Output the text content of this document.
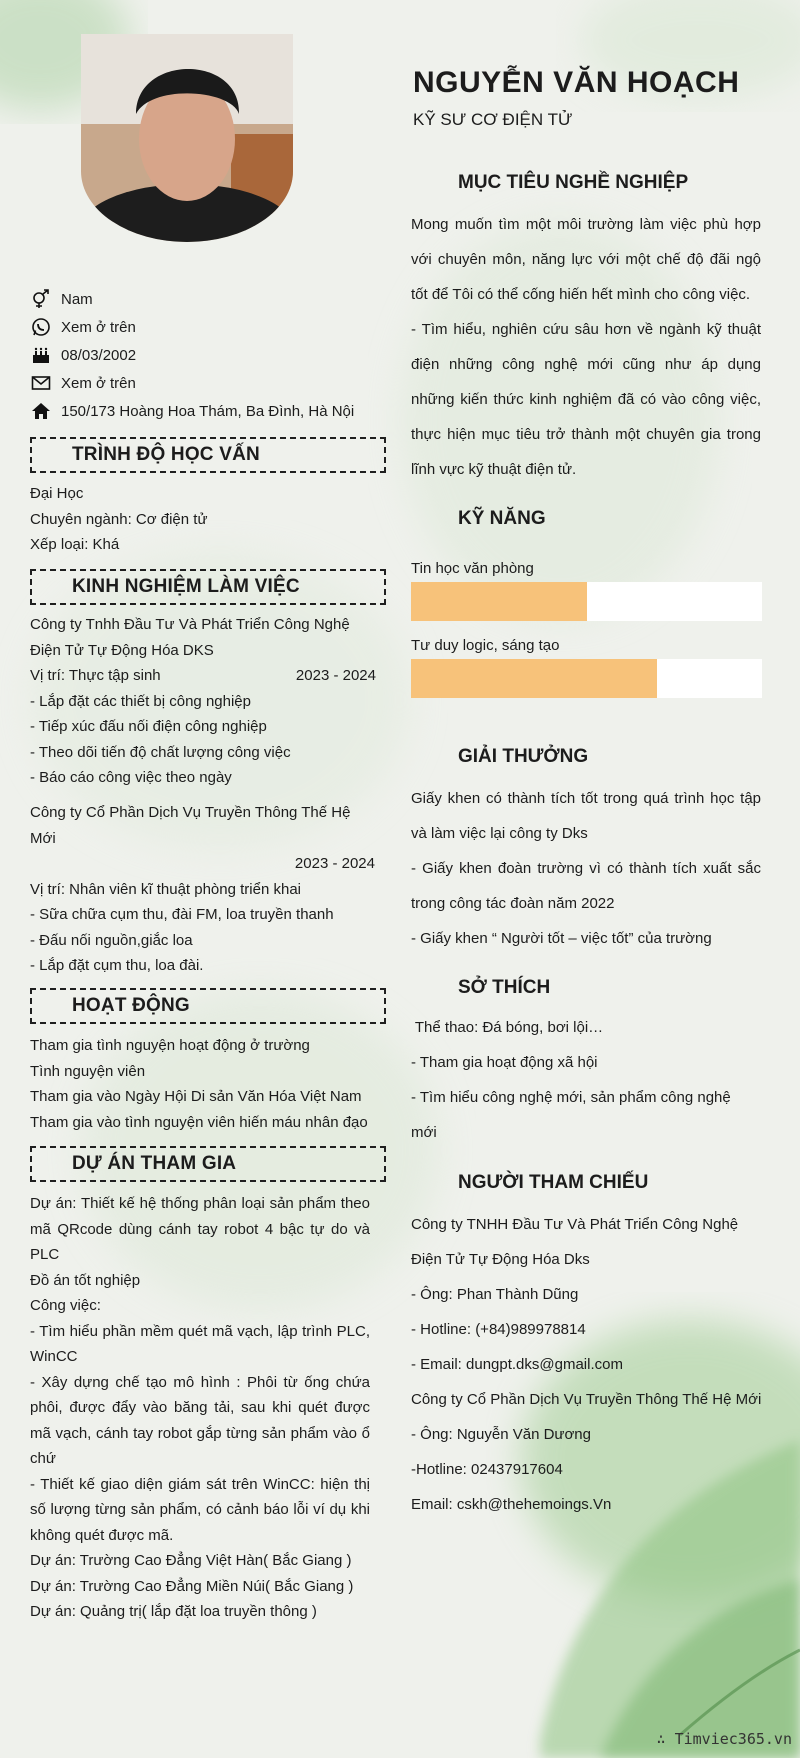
Nam
Xem ở trên
08/03/2002
Xem ở trên
150/173 Hoàng Hoa Thám, Ba Đình, Hà Nội
TRÌNH ĐỘ HỌC VẤN
Đại Học
Chuyên ngành: Cơ điện tử
Xếp loại: Khá
KINH NGHIỆM LÀM VIỆC
Công ty Tnhh Đầu Tư Và Phát Triển Công Nghệ Điện Tử Tự Động Hóa DKS
Vị trí: Thực tập sinh	2023 - 2024
- Lắp đặt các thiết bị công nghiệp
- Tiếp xúc đấu nối điện công nghiệp
- Theo dõi tiến độ chất lượng công việc
- Báo cáo công việc theo ngày
Công ty Cổ Phần Dịch Vụ Truyền Thông Thế Hệ Mới
2023 - 2024
Vị trí: Nhân viên kĩ thuật phòng triển khai
- Sữa chữa cụm thu, đài FM, loa truyền thanh
- Đấu nối nguồn,giắc loa
- Lắp đặt cụm thu, loa đài.
HOẠT ĐỘNG
Tham gia tình nguyện hoạt động ở trường
Tình nguyện viên
Tham gia vào Ngày Hội Di sản Văn Hóa Việt Nam
Tham gia vào tình nguyện viên hiến máu nhân đạo
DỰ ÁN THAM GIA
Dự án: Thiết kế hệ thống phân loại sản phẩm theo mã QRcode dùng cánh tay robot 4 bậc tự do và PLC
Đồ án tốt nghiệp
Công việc:
- Tìm hiểu phần mềm quét mã vạch, lập trình PLC, WinCC
- Xây dựng chế tạo mô hình : Phôi từ ống chứa phôi, được đẩy vào băng tải, sau khi quét được mã vạch, cánh tay robot gắp từng sản phẩm vào ổ chứ
- Thiết kế giao diện giám sát trên WinCC: hiện thị số lượng từng sản phẩm, có cảnh báo lỗi ví dụ khi không quét được mã.
Dự án: Trường Cao Đẳng Việt Hàn( Bắc Giang )
Dự án: Trường Cao Đẳng Miền Núi( Bắc Giang )
Dự án: Quảng trị( lắp đặt loa truyền thông )
NGUYỄN VĂN HOẠCH
KỸ SƯ CƠ ĐIỆN TỬ
MỤC TIÊU NGHỀ NGHIỆP
Mong muốn tìm một môi trường làm việc phù hợp với chuyên môn, năng lực với một chế độ đãi ngộ tốt để Tôi có thể cống hiến hết mình cho công việc.
- Tìm hiểu, nghiên cứu sâu hơn về ngành kỹ thuật điện những công nghệ mới cũng như áp dụng những kiến thức kinh nghiệm đã có vào công việc, thực hiện mục tiêu trở thành một chuyên gia trong lĩnh vực kỹ thuật điện tử.
KỸ NĂNG
Tin học văn phòng
Tư duy logic, sáng tạo
GIẢI THƯỞNG
Giấy khen có thành tích tốt trong quá trình học tập và làm việc lại công ty Dks
- Giấy khen đoàn trường vì có thành tích xuất sắc trong công tác đoàn năm 2022
- Giấy khen “ Người tốt – việc tốt” của trường
SỞ THÍCH
Thể thao: Đá bóng, bơi lội…
- Tham gia hoạt động xã hội
- Tìm hiểu công nghệ mới, sản phẩm công nghệ mới
NGƯỜI THAM CHIẾU
Công ty TNHH Đầu Tư Và Phát Triển Công Nghệ Điện Tử Tự Động Hóa Dks
- Ông: Phan Thành Dũng
- Hotline: (+84)989978814
- Email: dungpt.dks@gmail.com
Công ty Cổ Phần Dịch Vụ Truyền Thông Thế Hệ Mới
- Ông: Nguyễn Văn Dương
-Hotline: 02437917604
Email: cskh@thehemoings.Vn
∴ Timviec365.vn
